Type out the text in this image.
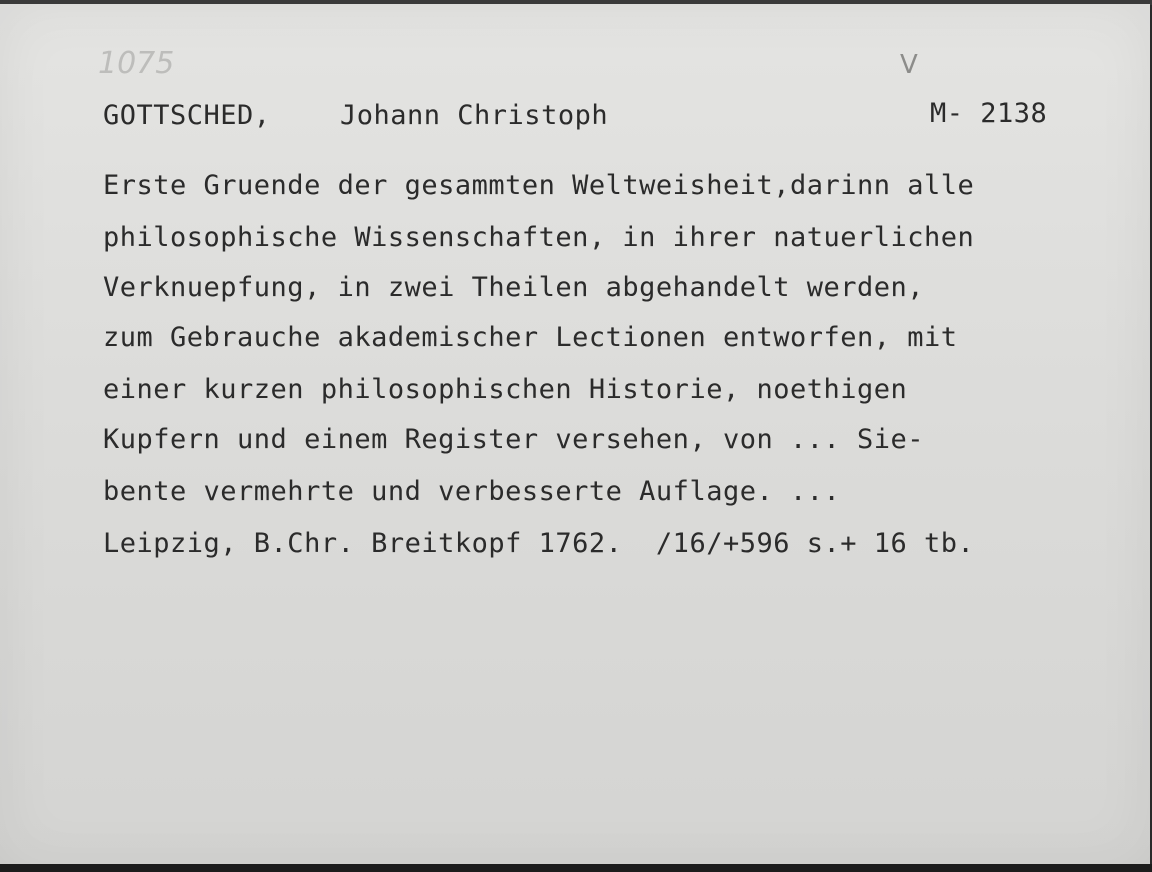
1075	V
GOTTSCHED,	Johann Christoph	M- 2138
Erste Gruende der gesammten Weltweisheit,darinn alle
philosophische Wissenschaften, in ihrer natuerlichen
Verknuepfung, in zwei Theilen abgehandelt werden,
zum Gebrauche akademischer Lectionen entworfen, mit
einer kurzen philosophischen Historie, noethigen
Kupfern und einem Register versehen, von ... Sie-
bente vermehrte und verbesserte Auflage. ...
Leipzig, B.Chr. Breitkopf 1762.  /16/+596 s.+ 16 tb.
